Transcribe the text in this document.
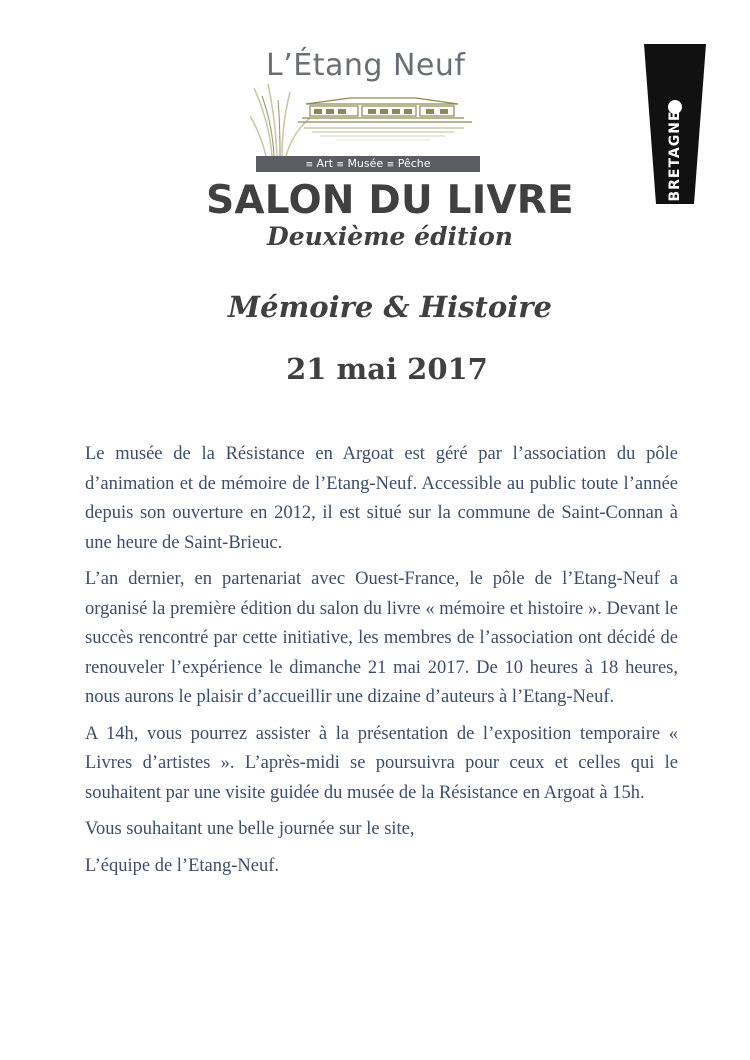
L’Étang Neuf
≡ Art ≡ Musée ≡ Pêche	BRETAGNE
SALON DU LIVRE
Deuxième édition
Mémoire & Histoire
21 mai 2017

Le musée de la Résistance en Argoat est géré par l’association du pôle d’animation et de mémoire de l’Etang-Neuf. Accessible au public toute l’année depuis son ouverture en 2012, il est situé sur la commune de Saint-Connan à une heure de Saint-Brieuc.

L’an dernier, en partenariat avec Ouest-France, le pôle de l’Etang-Neuf a organisé la première édition du salon du livre « mémoire et histoire ». Devant le succès rencontré par cette initiative, les membres de l’association ont décidé de renouveler l’expérience le dimanche 21 mai 2017. De 10 heures à 18 heures, nous aurons le plaisir d’accueillir une dizaine d’auteurs à l’Etang-Neuf.

A 14h, vous pourrez assister à la présentation de l’exposition temporaire « Livres d’artistes ». L’après-midi se poursuivra pour ceux et celles qui le souhaitent par une visite guidée du musée de la Résistance en Argoat à 15h.

Vous souhaitant une belle journée sur le site,

L’équipe de l’Etang-Neuf.
